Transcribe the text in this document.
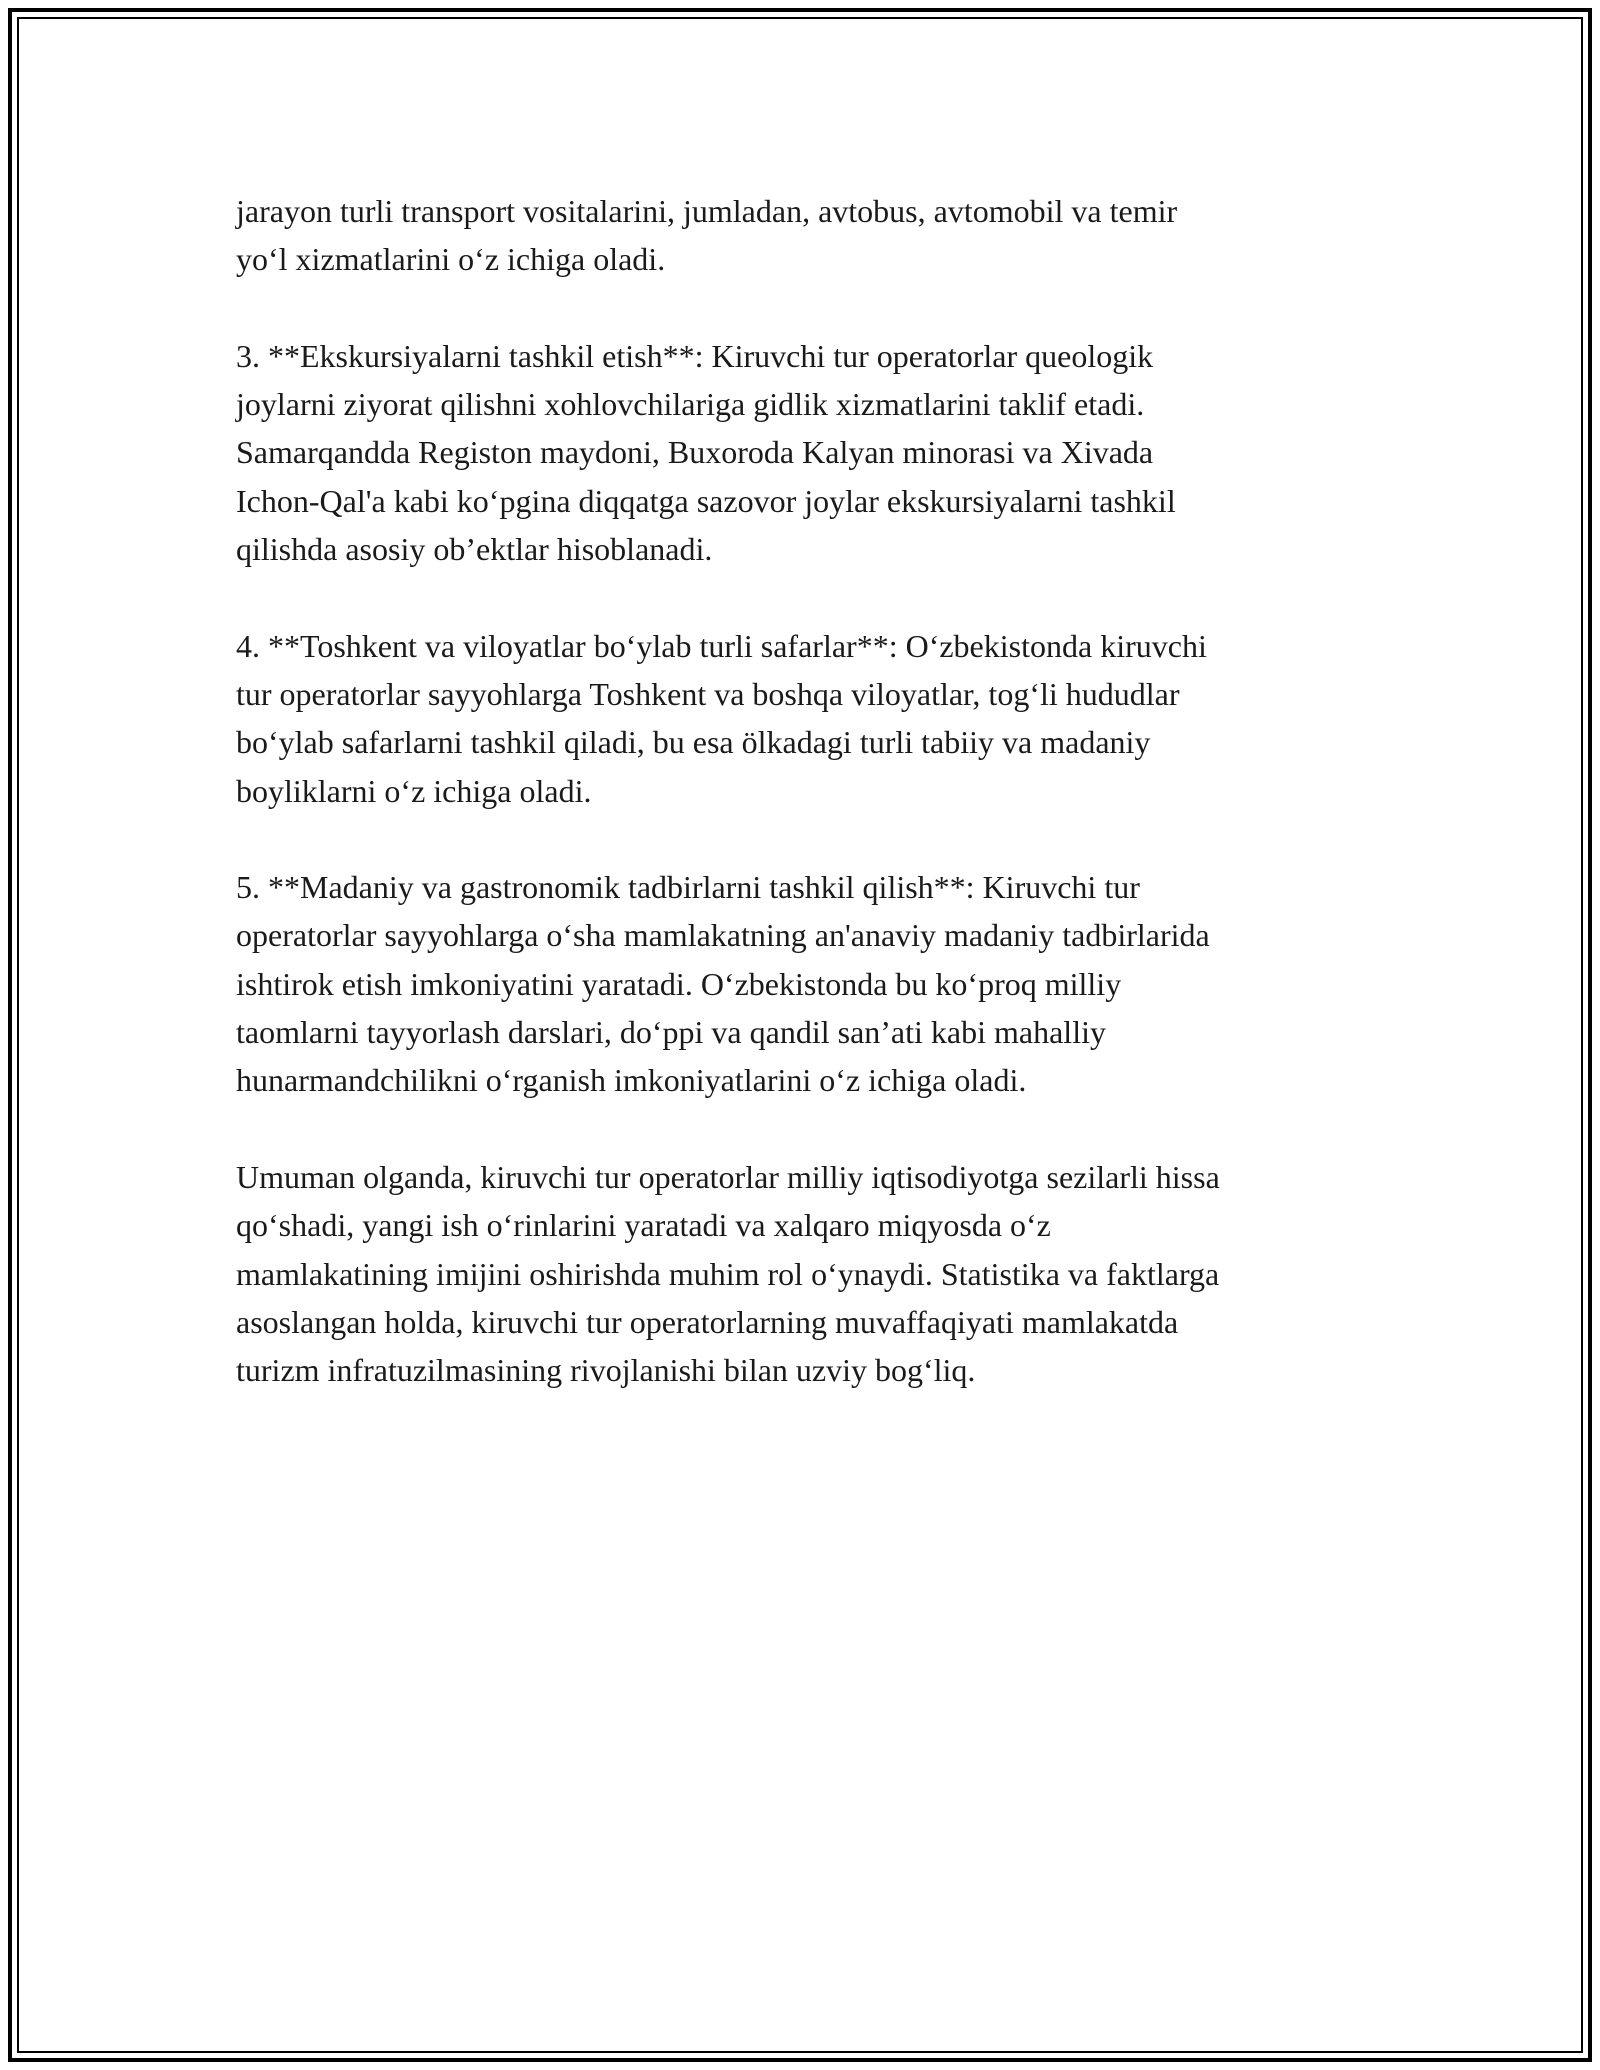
jarayon turli transport vositalarini, jumladan, avtobus, avtomobil va temir
yo‘l xizmatlarini o‘z ichiga oladi.

3. **Ekskursiyalarni tashkil etish**: Kiruvchi tur operatorlar queologik
joylarni ziyorat qilishni xohlovchilariga gidlik xizmatlarini taklif etadi.
Samarqandda Registon maydoni, Buxoroda Kalyan minorasi va Xivada
Ichon-Qal'a kabi ko‘pgina diqqatga sazovor joylar ekskursiyalarni tashkil
qilishda asosiy ob’ektlar hisoblanadi.

4. **Toshkent va viloyatlar bo‘ylab turli safarlar**: O‘zbekistonda kiruvchi
tur operatorlar sayyohlarga Toshkent va boshqa viloyatlar, tog‘li hududlar
bo‘ylab safarlarni tashkil qiladi, bu esa ölkadagi turli tabiiy va madaniy
boyliklarni o‘z ichiga oladi.

5. **Madaniy va gastronomik tadbirlarni tashkil qilish**: Kiruvchi tur
operatorlar sayyohlarga o‘sha mamlakatning an'anaviy madaniy tadbirlarida
ishtirok etish imkoniyatini yaratadi. O‘zbekistonda bu ko‘proq milliy
taomlarni tayyorlash darslari, do‘ppi va qandil san’ati kabi mahalliy
hunarmandchilikni o‘rganish imkoniyatlarini o‘z ichiga oladi.

Umuman olganda, kiruvchi tur operatorlar milliy iqtisodiyotga sezilarli hissa
qo‘shadi, yangi ish o‘rinlarini yaratadi va xalqaro miqyosda o‘z
mamlakatining imijini oshirishda muhim rol o‘ynaydi. Statistika va faktlarga
asoslangan holda, kiruvchi tur operatorlarning muvaffaqiyati mamlakatda
turizm infratuzilmasining rivojlanishi bilan uzviy bog‘liq.
